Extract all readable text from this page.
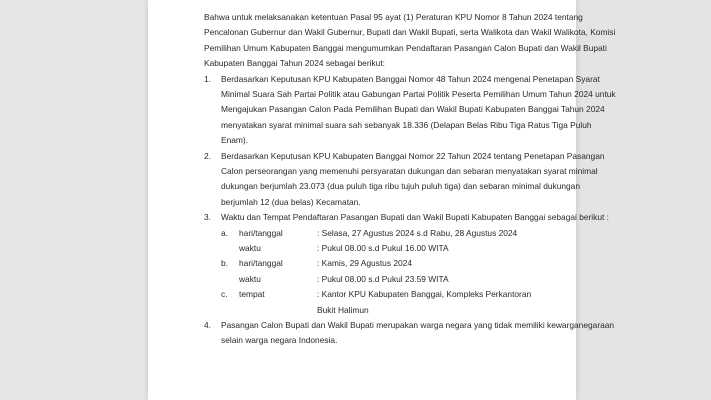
Bahwa untuk melaksanakan ketentuan Pasal 95 ayat (1) Peraturan KPU Nomor 8 Tahun 2024 tentang Pencalonan Gubernur dan Wakil Gubernur, Bupati dan Wakil Bupati, serta Walikota dan Wakil Walikota, Komisi Pemilihan Umum Kabupaten Banggai mengumumkan Pendaftaran Pasangan Calon Bupati dan Wakil Bupati Kabupaten Banggai Tahun 2024 sebagai berikut:

1. Berdasarkan Keputusan KPU Kabupaten Banggai Nomor 48 Tahun 2024 mengenai Penetapan Syarat Minimal Suara Sah Partai Politik atau Gabungan Partai Politik Peserta Pemilihan Umum Tahun 2024 untuk Mengajukan Pasangan Calon Pada Pemilihan Bupati dan Wakil Bupati Kabupaten Banggai Tahun 2024 menyatakan syarat minimal suara sah sebanyak 18.336 (Delapan Belas Ribu Tiga Ratus Tiga Puluh Enam).
2. Berdasarkan Keputusan KPU Kabupaten Banggai Nomor 22 Tahun 2024 tentang Penetapan Pasangan Calon perseorangan yang memenuhi persyaratan dukungan dan sebaran menyatakan syarat minimal dukungan berjumlah 23.073 (dua puluh tiga ribu tujuh puluh tiga) dan sebaran minimal dukungan berjumlah 12 (dua belas) Kecamatan.
3. Waktu dan Tempat Pendaftaran Pasangan Bupati dan Wakil Bupati Kabupaten Banggai sebagai berikut :
a. hari/tanggal	: Selasa, 27 Agustus 2024 s.d Rabu, 28 Agustus 2024
waktu	: Pukul 08.00 s.d Pukul 16.00 WITA
b. hari/tanggal	: Kamis, 29 Agustus 2024
waktu	: Pukul 08.00 s.d Pukul 23.59 WITA
c. tempat	: Kantor KPU Kabupaten Banggai, Kompleks Perkantoran Bukit Halimun
4. Pasangan Calon Bupati dan Wakil Bupati merupakan warga negara yang tidak memiliki kewarganegaraan selain warga negara Indonesia.
